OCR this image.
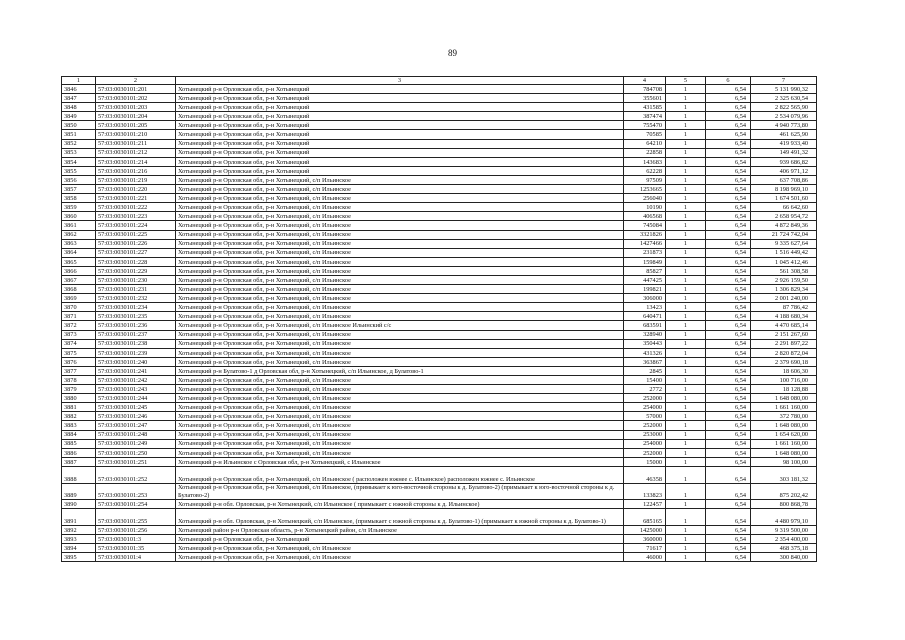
89
1	2	3	4	5	6	7
3846	57:03:0030101:201	Хотынецкий р-н Орловская обл, р-н Хотынецкий	784708	1	6,54	5 131 990,32
3847	57:03:0030101:202	Хотынецкий р-н Орловская обл, р-н Хотынецкий	355601	1	6,54	2 325 630,54
3848	57:03:0030101:203	Хотынецкий р-н Орловская обл, р-н Хотынецкий	431585	1	6,54	2 822 565,90
3849	57:03:0030101:204	Хотынецкий р-н Орловская обл, р-н Хотынецкий	387474	1	6,54	2 534 079,96
3850	57:03:0030101:205	Хотынецкий р-н Орловская обл, р-н Хотынецкий	755470	1	6,54	4 940 773,80
3851	57:03:0030101:210	Хотынецкий р-н Орловская обл, р-н Хотынецкий	70585	1	6,54	461 625,90
3852	57:03:0030101:211	Хотынецкий р-н Орловская обл, р-н Хотынецкий	64210	1	6,54	419 933,40
3853	57:03:0030101:212	Хотынецкий р-н Орловская обл, р-н Хотынецкий	22858	1	6,54	149 491,32
3854	57:03:0030101:214	Хотынецкий р-н Орловская обл, р-н Хотынецкий	143683	1	6,54	939 686,82
3855	57:03:0030101:216	Хотынецкий р-н Орловская обл, р-н Хотынецкий	62228	1	6,54	406 971,12
3856	57:03:0030101:219	Хотынецкий р-н Орловская обл, р-н Хотынецкий, с/п Ильинское	97509	1	6,54	637 708,86
3857	57:03:0030101:220	Хотынецкий р-н Орловская обл, р-н Хотынецкий, с/п Ильинское	1253665	1	6,54	8 198 969,10
3858	57:03:0030101:221	Хотынецкий р-н Орловская обл, р-н Хотынецкий, с/п Ильинское	256040	1	6,54	1 674 501,60
3859	57:03:0030101:222	Хотынецкий р-н Орловская обл, р-н Хотынецкий, с/п Ильинское	10190	1	6,54	66 642,60
3860	57:03:0030101:223	Хотынецкий р-н Орловская обл, р-н Хотынецкий, с/п Ильинское	406568	1	6,54	2 658 954,72
3861	57:03:0030101:224	Хотынецкий р-н Орловская обл, р-н Хотынецкий, с/п Ильинское	745084	1	6,54	4 872 849,36
3862	57:03:0030101:225	Хотынецкий р-н Орловская обл, р-н Хотынецкий, с/п Ильинское	3321826	1	6,54	21 724 742,04
3863	57:03:0030101:226	Хотынецкий р-н Орловская обл, р-н Хотынецкий, с/п Ильинское	1427466	1	6,54	9 335 627,64
3864	57:03:0030101:227	Хотынецкий р-н Орловская обл, р-н Хотынецкий, с/п Ильинское	231873	1	6,54	1 516 449,42
3865	57:03:0030101:228	Хотынецкий р-н Орловская обл, р-н Хотынецкий, с/п Ильинское	159849	1	6,54	1 045 412,46
3866	57:03:0030101:229	Хотынецкий р-н Орловская обл, р-н Хотынецкий, с/п Ильинское	85827	1	6,54	561 308,58
3867	57:03:0030101:230	Хотынецкий р-н Орловская обл, р-н Хотынецкий, с/п Ильинское	447425	1	6,54	2 926 159,50
3868	57:03:0030101:231	Хотынецкий р-н Орловская обл, р-н Хотынецкий, с/п Ильинское	199821	1	6,54	1 306 829,34
3869	57:03:0030101:232	Хотынецкий р-н Орловская обл, р-н Хотынецкий, с/п Ильинское	306000	1	6,54	2 001 240,00
3870	57:03:0030101:234	Хотынецкий р-н Орловская обл, р-н Хотынецкий, с/п Ильинское	13423	1	6,54	87 786,42
3871	57:03:0030101:235	Хотынецкий р-н Орловская обл, р-н Хотынецкий, с/п Ильинское	640471	1	6,54	4 188 680,34
3872	57:03:0030101:236	Хотынецкий р-н Орловская обл, р-н Хотынецкий, с/п Ильинское Ильинский с/с	683591	1	6,54	4 470 685,14
3873	57:03:0030101:237	Хотынецкий р-н Орловская обл, р-н Хотынецкий, с/п Ильинское	328940	1	6,54	2 151 267,60
3874	57:03:0030101:238	Хотынецкий р-н Орловская обл, р-н Хотынецкий, с/п Ильинское	350443	1	6,54	2 291 897,22
3875	57:03:0030101:239	Хотынецкий р-н Орловская обл, р-н Хотынецкий, с/п Ильинское	431326	1	6,54	2 820 872,04
3876	57:03:0030101:240	Хотынецкий р-н Орловская обл, р-н Хотынецкий, с/п Ильинское	363867	1	6,54	2 379 690,18
3877	57:03:0030101:241	Хотынецкий р-н Булатово-1 д Орловская обл, р-н Хотынецкий, с/п Ильинское, д Булатово-1	2845	1	6,54	18 606,30
3878	57:03:0030101:242	Хотынецкий р-н Орловская обл, р-н Хотынецкий, с/п Ильинское	15400	1	6,54	100 716,00
3879	57:03:0030101:243	Хотынецкий р-н Орловская обл, р-н Хотынецкий, с/п Ильинское	2772	1	6,54	18 128,88
3880	57:03:0030101:244	Хотынецкий р-н Орловская обл, р-н Хотынецкий, с/п Ильинское	252000	1	6,54	1 648 080,00
3881	57:03:0030101:245	Хотынецкий р-н Орловская обл, р-н Хотынецкий, с/п Ильинское	254000	1	6,54	1 661 160,00
3882	57:03:0030101:246	Хотынецкий р-н Орловская обл, р-н Хотынецкий, с/п Ильинское	57000	1	6,54	372 780,00
3883	57:03:0030101:247	Хотынецкий р-н Орловская обл, р-н Хотынецкий, с/п Ильинское	252000	1	6,54	1 648 080,00
3884	57:03:0030101:248	Хотынецкий р-н Орловская обл, р-н Хотынецкий, с/п Ильинское	253000	1	6,54	1 654 620,00
3885	57:03:0030101:249	Хотынецкий р-н Орловская обл, р-н Хотынецкий, с/п Ильинское	254000	1	6,54	1 661 160,00
3886	57:03:0030101:250	Хотынецкий р-н Орловская обл, р-н Хотынецкий, с/п Ильинское	252000	1	6,54	1 648 080,00
3887	57:03:0030101:251	Хотынецкий р-н Ильинское с Орловская обл, р-н Хотынецкий, с Ильинское	15000	1	6,54	98 100,00
3888	57:03:0030101:252	Хотынецкий р-н Орловская обл, р-н Хотынецкий, с/п Ильинское ( расположен южнее с. Ильинское) расположен южнее с. Ильинское	46358	1	6,54	303 181,32
3889	57:03:0030101:253	Хотынецкий р-н Орловская обл, р-н Хотынецкий, с/п Ильинское, (примыкает к юго-восточной стороны к д. Булатово-2) (примыкает к юго-восточной стороны к д. Булатово-2)	133823	1	6,54	875 202,42
3890	57:03:0030101:254	Хотынецкий р-н обл. Орловская, р-н Хотынецкий, с/п Ильинское ( примыкает с южной стороны к д. Ильинское)	122457	1	6,54	800 868,78
3891	57:03:0030101:255	Хотынецкий р-н обл. Орловская, р-н Хотынецкий, с/п Ильинское, (примыкает с южной стороны к д. Булатово-1) (примыкает к южной стороны к д. Булатово-1)	685165	1	6,54	4 480 979,10
3892	57:03:0030101:256	Хотынецкий район р-н Орловская область, р-н Хотынецкий район, с/п Ильинское	1425000	1	6,54	9 319 500,00
3893	57:03:0030101:3	Хотынецкий р-н Орловская обл, р-н Хотынецкий	360000	1	6,54	2 354 400,00
3894	57:03:0030101:35	Хотынецкий р-н Орловская обл, р-н Хотынецкий, с/п Ильинское	71617	1	6,54	468 375,18
3895	57:03:0030101:4	Хотынецкий р-н Орловская обл, р-н Хотынецкий, с/п Ильинское	46000	1	6,54	300 840,00
